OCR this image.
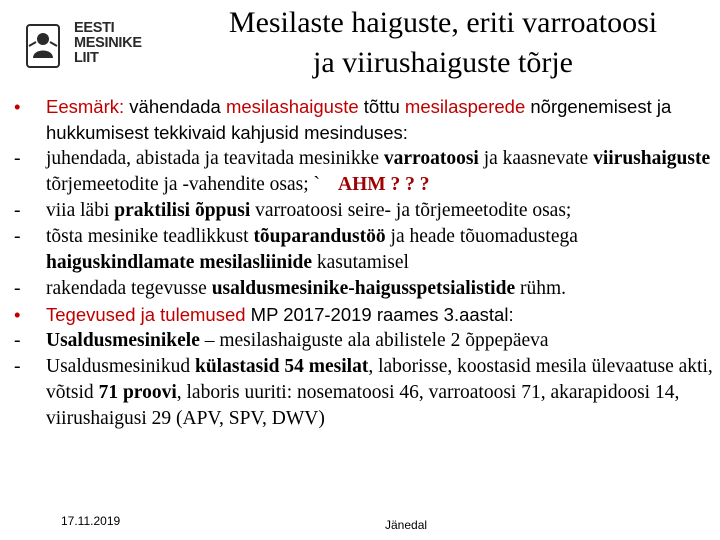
EESTI
MESINIKE
LIIT
Mesilaste haiguste, eriti varroatoosi
ja viirushaiguste tõrje
•	Eesmärk: vähendada mesilashaiguste tõttu mesilasperede nõrgenemisest ja hukkumisest tekkivaid kahjusid mesinduses:
-	juhendada, abistada ja teavitada mesinikke varroatoosi ja kaasnevate viirushaiguste tõrjemeetodite ja -vahendite osas; ` AHM ? ? ?
-	viia läbi praktilisi õppusi varroatoosi seire- ja tõrjemeetodite osas;
-	tõsta mesinike teadlikkust tõuparandustöö ja heade tõuomadustega haiguskindlamate mesilasliinide kasutamisel
-	rakendada tegevusse usaldusmesinike-haigusspetsialistide rühm.
•	Tegevused ja tulemused MP 2017-2019 raames 3.aastal:
-	Usaldusmesinikele – mesilashaiguste ala abilistele 2 õppepäeva
-	Usaldusmesinikud külastasid 54 mesilat, laborisse, koostasid mesila ülevaatuse akti, võtsid 71 proovi, laboris uuriti: nosematoosi 46, varroatoosi 71, akarapidoosi 14, viirushaigusi 29 (APV, SPV, DWV)
17.11.2019	Jänedal
